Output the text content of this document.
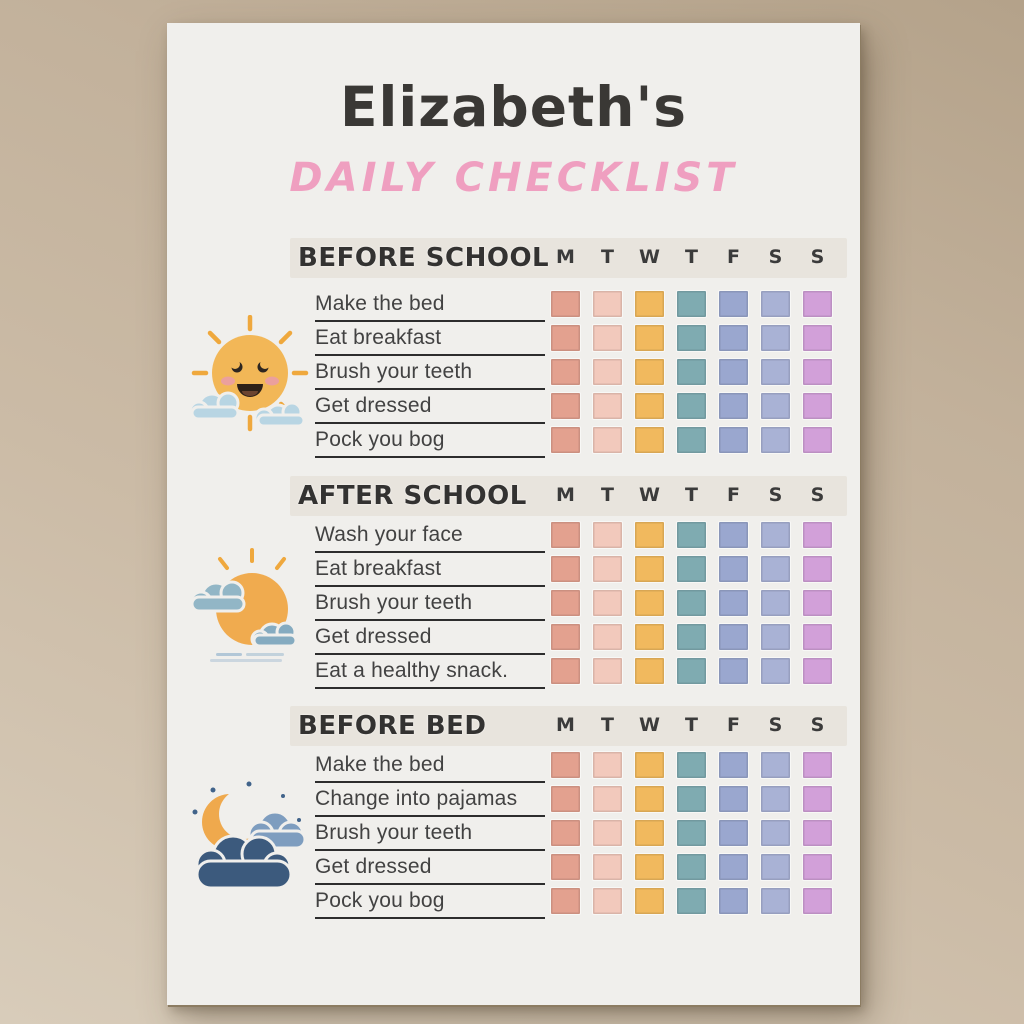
Elizabeth's
DAILY CHECKLIST
BEFORE SCHOOL M	T	W	T	F	S	S
Make the bed
Eat breakfast
Brush your teeth
Get dressed
Pock you bog
AFTER SCHOOL M	T	W	T	F	S	S
Wash your face
Eat breakfast
Brush your teeth
Get dressed
Eat a healthy snack.
BEFORE BED	M	T	W	T	F	S	S
Make the bed
Change into pajamas
Brush your teeth
Get dressed
Pock you bog
